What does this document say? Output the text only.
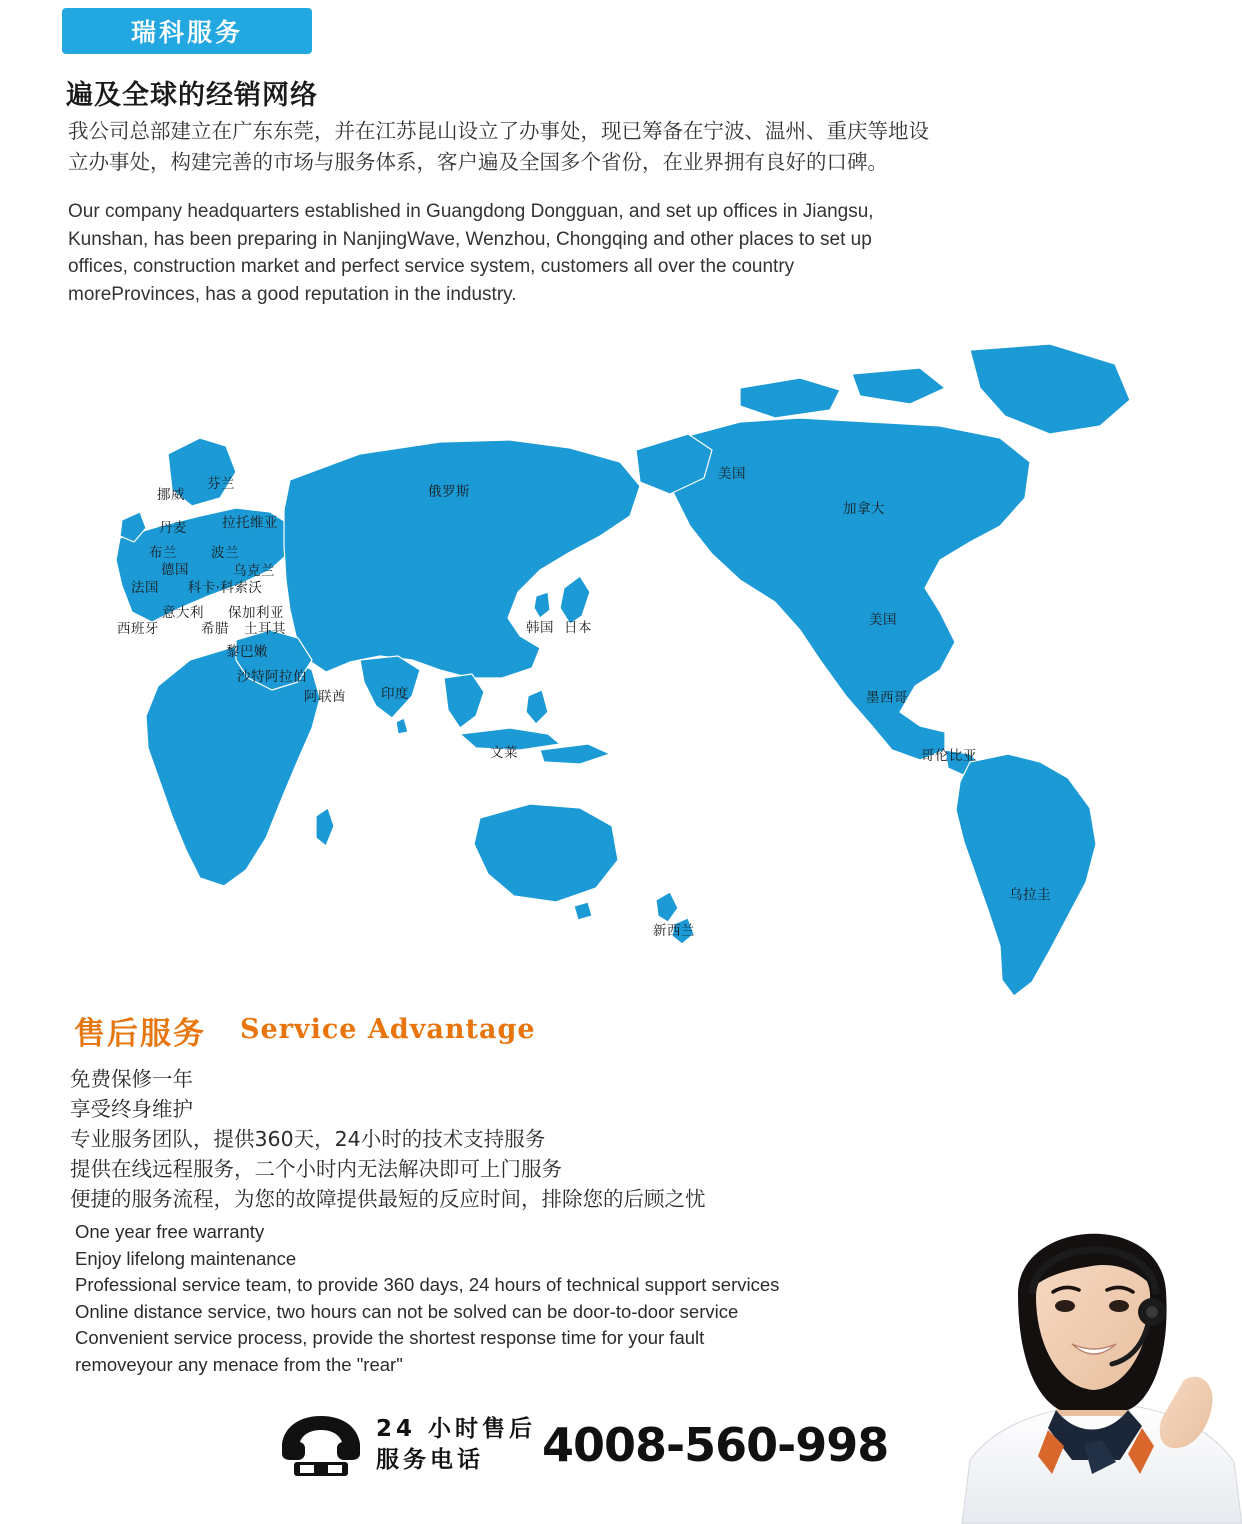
瑞科服务
遍及全球的经销网络
我公司总部建立在广东东莞，并在江苏昆山设立了办事处，现已筹备在宁波、温州、重庆等地设立办事处，构建完善的市场与服务体系，客户遍及全国多个省份，在业界拥有良好的口碑。
Our company headquarters established in Guangdong Dongguan, and set up offices in Jiangsu, Kunshan, has been preparing in NanjingWave, Wenzhou, Chongqing and other places to set up offices, construction market and perfect service system, customers all over the country moreProvinces, has a good reputation in the industry.
挪威
芬兰
丹麦	拉托维亚
布兰	波兰
德国	乌克兰
法国 科卡·科索沃
意大利 保加利亚
西班牙	希腊 土耳其
黎巴嫩
沙特阿拉伯
阿联酋	印度
俄罗斯
韩国 日本
文莱
新西兰
美国
加拿大
美国
墨西哥
哥伦比亚
乌拉圭
售后服务 Service Advantage
免费保修一年
享受终身维护
专业服务团队，提供360天，24小时的技术支持服务
提供在线远程服务，二个小时内无法解决即可上门服务
便捷的服务流程，为您的故障提供最短的反应时间，排除您的后顾之忧
One year free warranty
Enjoy lifelong maintenance
Professional service team, to provide 360 days, 24 hours of technical support services
Online distance service, two hours can not be solved can be door-to-door service
Convenient service process, provide the shortest response time for your fault
removeyour any menace from the "rear"
24 小时售后
服务电话	4008-560-998
